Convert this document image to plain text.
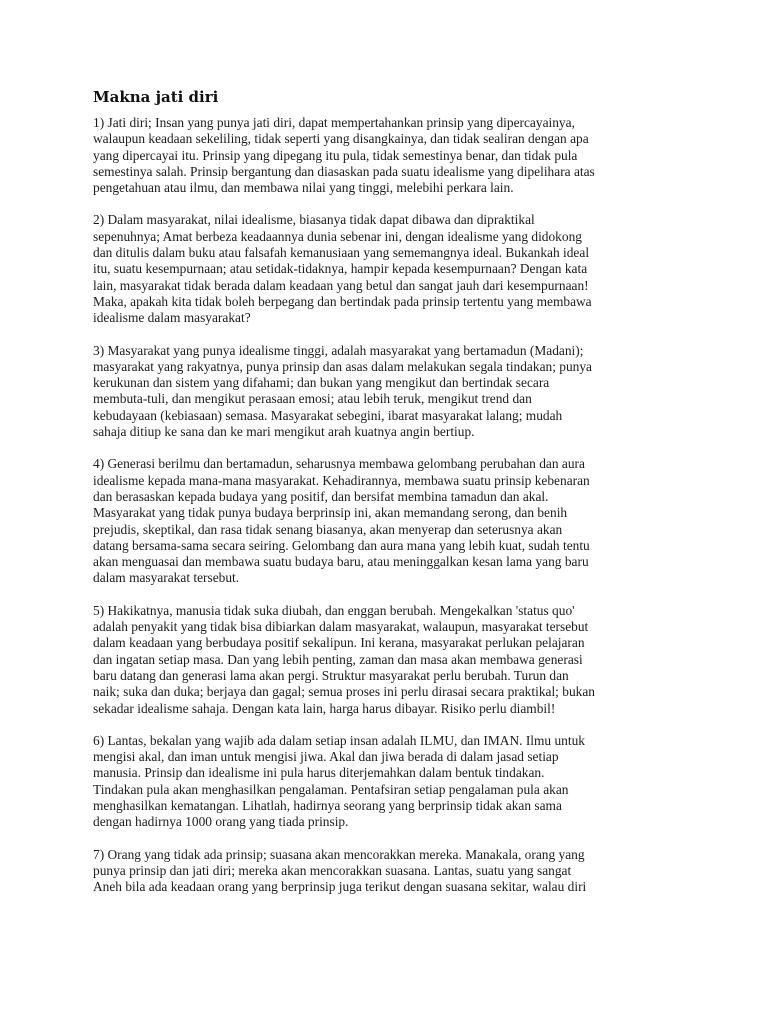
Makna jati diri

1) Jati diri; Insan yang punya jati diri, dapat mempertahankan prinsip yang dipercayainya,
walaupun keadaan sekeliling, tidak seperti yang disangkainya, dan tidak sealiran dengan apa
yang dipercayai itu. Prinsip yang dipegang itu pula, tidak semestinya benar, dan tidak pula
semestinya salah. Prinsip bergantung dan diasaskan pada suatu idealisme yang dipelihara atas
pengetahuan atau ilmu, dan membawa nilai yang tinggi, melebihi perkara lain.

2) Dalam masyarakat, nilai idealisme, biasanya tidak dapat dibawa dan dipraktikal
sepenuhnya; Amat berbeza keadaannya dunia sebenar ini, dengan idealisme yang didokong
dan ditulis dalam buku atau falsafah kemanusiaan yang sememangnya ideal. Bukankah ideal
itu, suatu kesempurnaan; atau setidak-tidaknya, hampir kepada kesempurnaan? Dengan kata
lain, masyarakat tidak berada dalam keadaan yang betul dan sangat jauh dari kesempurnaan!
Maka, apakah kita tidak boleh berpegang dan bertindak pada prinsip tertentu yang membawa
idealisme dalam masyarakat?

3) Masyarakat yang punya idealisme tinggi, adalah masyarakat yang bertamadun (Madani);
masyarakat yang rakyatnya, punya prinsip dan asas dalam melakukan segala tindakan; punya
kerukunan dan sistem yang difahami; dan bukan yang mengikut dan bertindak secara
membuta-tuli, dan mengikut perasaan emosi; atau lebih teruk, mengikut trend dan
kebudayaan (kebiasaan) semasa. Masyarakat sebegini, ibarat masyarakat lalang; mudah
sahaja ditiup ke sana dan ke mari mengikut arah kuatnya angin bertiup.

4) Generasi berilmu dan bertamadun, seharusnya membawa gelombang perubahan dan aura
idealisme kepada mana-mana masyarakat. Kehadirannya, membawa suatu prinsip kebenaran
dan berasaskan kepada budaya yang positif, dan bersifat membina tamadun dan akal.
Masyarakat yang tidak punya budaya berprinsip ini, akan memandang serong, dan benih
prejudis, skeptikal, dan rasa tidak senang biasanya, akan menyerap dan seterusnya akan
datang bersama-sama secara seiring. Gelombang dan aura mana yang lebih kuat, sudah tentu
akan menguasai dan membawa suatu budaya baru, atau meninggalkan kesan lama yang baru
dalam masyarakat tersebut.

5) Hakikatnya, manusia tidak suka diubah, dan enggan berubah. Mengekalkan 'status quo'
adalah penyakit yang tidak bisa dibiarkan dalam masyarakat, walaupun, masyarakat tersebut
dalam keadaan yang berbudaya positif sekalipun. Ini kerana, masyarakat perlukan pelajaran
dan ingatan setiap masa. Dan yang lebih penting, zaman dan masa akan membawa generasi
baru datang dan generasi lama akan pergi. Struktur masyarakat perlu berubah. Turun dan
naik; suka dan duka; berjaya dan gagal; semua proses ini perlu dirasai secara praktikal; bukan
sekadar idealisme sahaja. Dengan kata lain, harga harus dibayar. Risiko perlu diambil!

6) Lantas, bekalan yang wajib ada dalam setiap insan adalah ILMU, dan IMAN. Ilmu untuk
mengisi akal, dan iman untuk mengisi jiwa. Akal dan jiwa berada di dalam jasad setiap
manusia. Prinsip dan idealisme ini pula harus diterjemahkan dalam bentuk tindakan.
Tindakan pula akan menghasilkan pengalaman. Pentafsiran setiap pengalaman pula akan
menghasilkan kematangan. Lihatlah, hadirnya seorang yang berprinsip tidak akan sama
dengan hadirnya 1000 orang yang tiada prinsip.

7) Orang yang tidak ada prinsip; suasana akan mencorakkan mereka. Manakala, orang yang
punya prinsip dan jati diri; mereka akan mencorakkan suasana. Lantas, suatu yang sangat
Aneh bila ada keadaan orang yang berprinsip juga terikut dengan suasana sekitar, walau diri
